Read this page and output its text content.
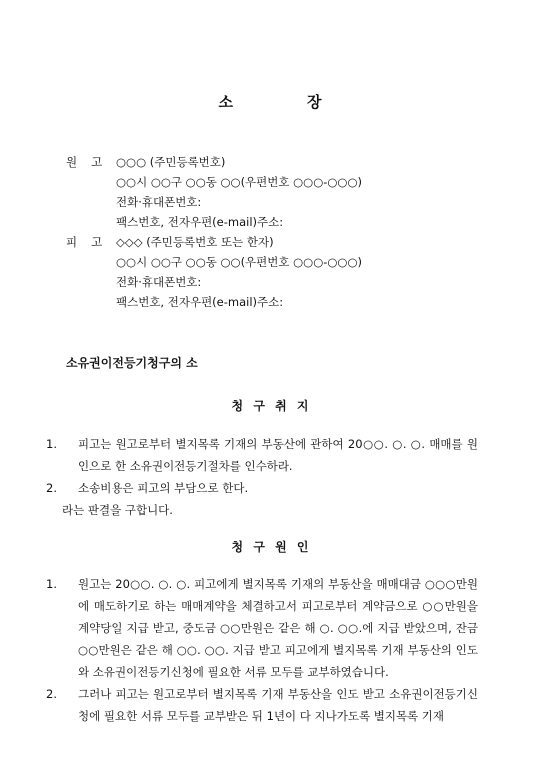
소	장
원 고 ○○○ (주민등록번호)
○○시 ○○구 ○○동 ○○(우편번호 ○○○-○○○)
전화·휴대폰번호:
팩스번호, 전자우편(e-mail)주소:
피 고 ◇◇◇ (주민등록번호 또는 한자)
○○시 ○○구 ○○동 ○○(우편번호 ○○○-○○○)
전화·휴대폰번호:
팩스번호, 전자우편(e-mail)주소:
소유권이전등기청구의 소
청 구 취 지
1. 피고는 원고로부터 별지목록 기재의 부동산에 관하여 20○○. ○. ○. 매매를 원인으로 한 소유권이전등기절차를 인수하라.
2. 소송비용은 피고의 부담으로 한다.
라는 판결을 구합니다.
청 구 원 인
1. 원고는 20○○. ○. ○. 피고에게 별지목록 기재의 부동산을 매매대금 ○○○만원에 매도하기로 하는 매매계약을 체결하고서 피고로부터 계약금으로 ○○만원을 계약당일 지급 받고, 중도금 ○○만원은 같은 해 ○. ○○.에 지급 받았으며, 잔금 ○○만원은 같은 해 ○○. ○○. 지급 받고 피고에게 별지목록 기재 부동산의 인도와 소유권이전등기신청에 필요한 서류 모두를 교부하였습니다.
2. 그러나 피고는 원고로부터 별지목록 기재 부동산을 인도 받고 소유권이전등기신청에 필요한 서류 모두를 교부받은 뒤 1년이 다 지나가도록 별지목록 기재
